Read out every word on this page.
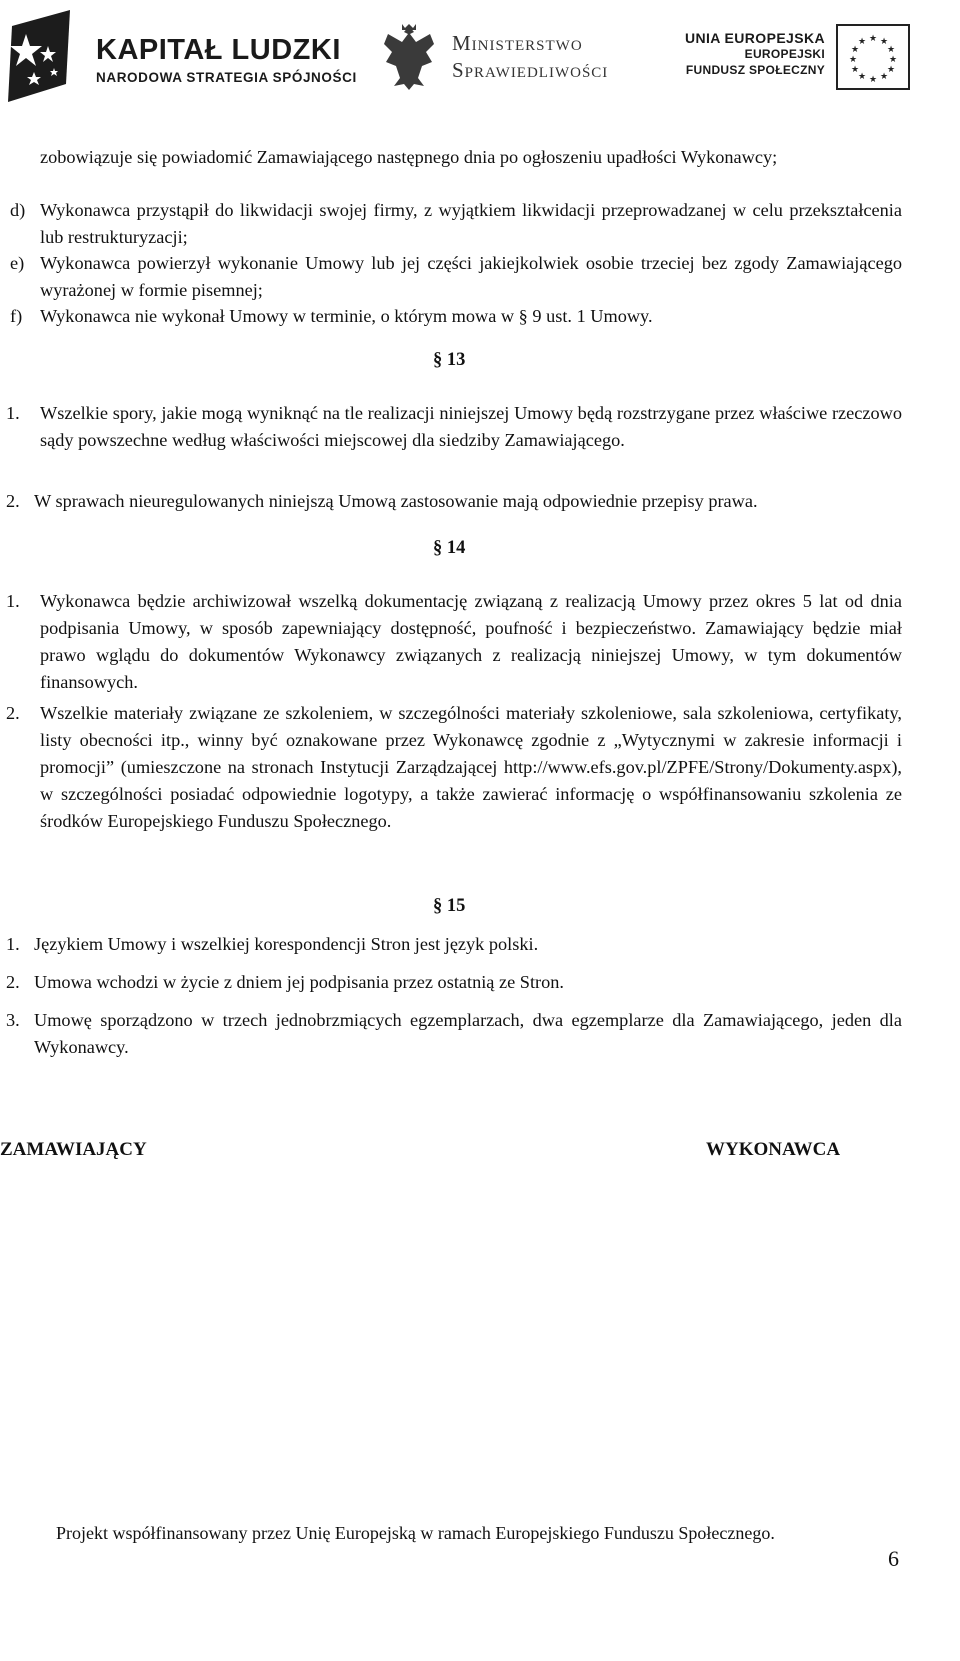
KAPITAŁ LUDZKI
NARODOWA STRATEGIA SPÓJNOŚCI
Ministerstwo
Sprawiedliwości
UNIA EUROPEJSKA
EUROPEJSKI
FUNDUSZ SPOŁECZNY
★ ★
★
★
★
★
★
★
★
★
★
★
zobowiązuje się powiadomić Zamawiającego następnego dnia po ogłoszeniu upadłości Wykonawcy;
d) Wykonawca przystąpił do likwidacji swojej firmy, z wyjątkiem likwidacji przeprowadzanej w celu przekształcenia lub restrukturyzacji;
e) Wykonawca powierzył wykonanie Umowy lub jej części jakiejkolwiek osobie trzeciej bez zgody Zamawiającego wyrażonej w formie pisemnej;
f) Wykonawca nie wykonał Umowy w terminie, o którym mowa w § 9 ust. 1 Umowy.
§ 13
1. Wszelkie spory, jakie mogą wyniknąć na tle realizacji niniejszej Umowy będą rozstrzygane przez właściwe rzeczowo sądy powszechne według właściwości miejscowej dla siedziby Zamawiającego.
2. W sprawach nieuregulowanych niniejszą Umową zastosowanie mają odpowiednie przepisy prawa.
§ 14
1. Wykonawca będzie archiwizował wszelką dokumentację związaną z realizacją Umowy przez okres 5 lat od dnia podpisania Umowy, w sposób zapewniający dostępność, poufność i bezpieczeństwo. Zamawiający będzie miał prawo wglądu do dokumentów Wykonawcy związanych z realizacją niniejszej Umowy, w tym dokumentów finansowych.
2. Wszelkie materiały związane ze szkoleniem, w szczególności materiały szkoleniowe, sala szkoleniowa, certyfikaty, listy obecności itp., winny być oznakowane przez Wykonawcę zgodnie z „Wytycznymi w zakresie informacji i promocji” (umieszczone na stronach Instytucji Zarządzającej http://www.efs.gov.pl/ZPFE/Strony/Dokumenty.aspx), w szczególności posiadać odpowiednie logotypy, a także zawierać informację o współfinansowaniu szkolenia ze środków Europejskiego Funduszu Społecznego.
§ 15
1. Językiem Umowy i wszelkiej korespondencji Stron jest język polski.
2. Umowa wchodzi w życie z dniem jej podpisania przez ostatnią ze Stron.
3. Umowę sporządzono w trzech jednobrzmiących egzemplarzach, dwa egzemplarze dla Zamawiającego, jeden dla Wykonawcy.
ZAMAWIAJĄCY	WYKONAWCA
Projekt współfinansowany przez Unię Europejską w ramach Europejskiego Funduszu Społecznego.
6
